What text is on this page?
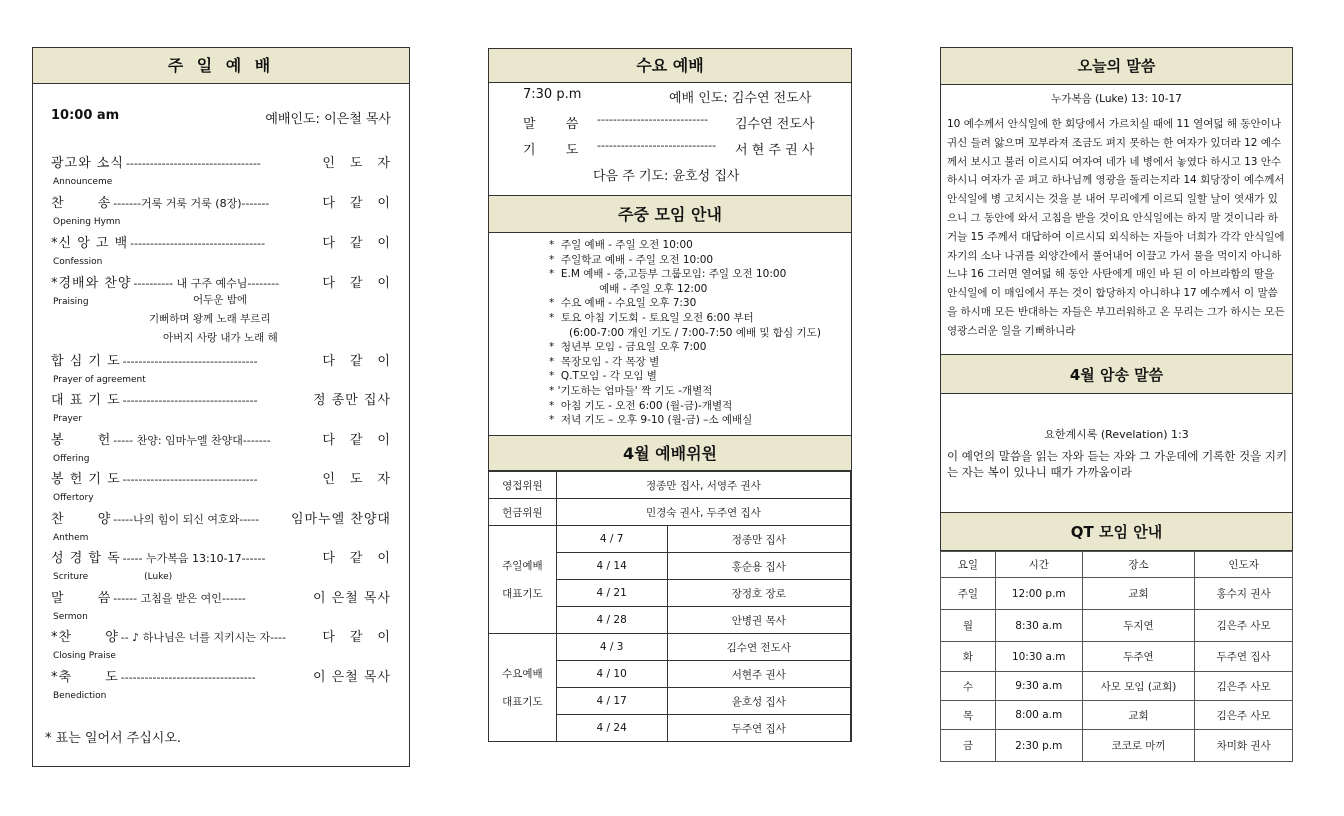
주 일 예 배
10:00 am	예배인도: 이은철 목사
광고와 소식 ----------------------------------	인　도　자
Announceme
찬　　 송 -------거룩 거룩 거룩 (8장)-------	다　같　이
Opening Hymn
*신 앙 고 백 ----------------------------------	다　같　이
Confession
*경배와 찬양 ---------- 내 구주 예수님--------	다　같　이
Praising
합 심 기 도 ----------------------------------	다　같　이
Prayer of agreement
대 표 기 도 ----------------------------------	정 종만 집사
Prayer
봉　　 헌 ----- 찬양: 임마누엘 찬양대-------	다　같　이
Offering
봉 헌 기 도 ----------------------------------	인　도　자
Offertory
찬　　 양 -----나의 힘이 되신 여호와-----	임마누엘 찬양대
Anthem
성 경 합 독 ----- 누가복음 13:10-17------	다　같　이
Scriture	(Luke)
말　　 씀 ------ 고침을 받은 여인------	이 은철 목사
Sermon
*찬　　 양 -- ♪ 하나님은 너를 지키시는 자----	다　같　이
Closing Praise
*축　　 도 ----------------------------------	이 은철 목사
Benediction
어두운 밤에
기뻐하며 왕께 노래 부르리
아버지 사랑 내가 노래 해
* 표는 일어서 주십시오.
수요 예배
7:30 p.m	예배 인도: 김수연 전도사
말　　 씀 ---------------------------- 김수연 전도사
기　　 도 ------------------------------ 서 현 주 권 사
다음 주 기도: 윤호성 집사
주중 모임 안내
*  주일 예배 - 주일 오전 10:00
*  주일학교 예배 - 주일 오전 10:00
*  E.M 예배 - 중,고등부 그룹모임: 주일 오전 10:00
예배 - 주일 오후 12:00
*  수요 예배 - 수요일 오후 7:30
*  토요 아침 기도회 - 토요일 오전 6:00 부터
(6:00-7:00 개인 기도 / 7:00-7:50 예배 및 합심 기도)
*  청년부 모임 - 금요일 오후 7:00
*  목장모임 - 각 목장 별
*  Q.T모임 - 각 모임 별
* '기도하는 엄마들' 짝 기도 -개별적
*  아침 기도 - 오전 6:00 (월-금)-개별적
*  저녁 기도 – 오후 9-10 (월-금) –소 예배실
4월 예배위원
영접위원	정종만 집사, 서영주 권사	
헌금위원	민경숙 권사, 두주연 집사	

주일예배
대표기도	4 / 7	정종만 집사
	4 / 14	홍순용 집사
	4 / 21	장정호 장로
	4 / 28	안병권 목사

수요예배
대표기도	4 / 3	김수연 전도사
	4 / 10	서현주 권사
	4 / 17	윤호성 집사
	4 / 24	두주연 집사
오늘의 말씀
누가복음 (Luke) 13: 10-17
10 예수께서 안식일에 한 회당에서 가르치실 때에 11 열여덟 해 동안이나 귀신 들려 앓으며 꼬부라져 조금도 펴지 못하는 한 여자가 있더라 12 예수께서 보시고 불러 이르시되 여자여 네가 네 병에서 놓였다 하시고 13 안수하시니 여자가 곧 펴고 하나님께 영광을 돌리는지라 14 회당장이 예수께서 안식일에 병 고치시는 것을 분 내어 무리에게 이르되 일할 날이 엿새가 있으니 그 동안에 와서 고침을 받을 것이요 안식일에는 하지 말 것이니라 하거늘 15 주께서 대답하여 이르시되 외식하는 자들아 너희가 각각 안식일에 자기의 소나 나귀를 외양간에서 풀어내어 이끌고 가서 물을 먹이지 아니하느냐 16 그러면 열여덟 해 동안 사탄에게 매인 바 된 이 아브라함의 딸을 안식일에 이 매임에서 푸는 것이 합당하지 아니하냐 17 예수께서 이 말씀을 하시매 모든 반대하는 자들은 부끄러워하고 온 무리는 그가 하시는 모든 영광스러운 일을 기뻐하니라
4월 암송 말씀
요한계시록 (Revelation) 1:3
이 예언의 말씀을 읽는 자와 듣는 자와 그 가운데에 기록한 것을 지키는 자는 복이 있나니 때가 가까움이라
QT 모임 안내
요일	시간	장소	인도자
주일	12:00 p.m	교회	홍수지 권사
월	8:30 a.m	두지연	김은주 사모
화	10:30 a.m	두주연	두주연 집사
수	9:30 a.m	사모 모임 (교회)	김은주 사모
목	8:00 a.m	교회	김은주 사모
금	2:30 p.m	코코로 마끼	차미화 권사
